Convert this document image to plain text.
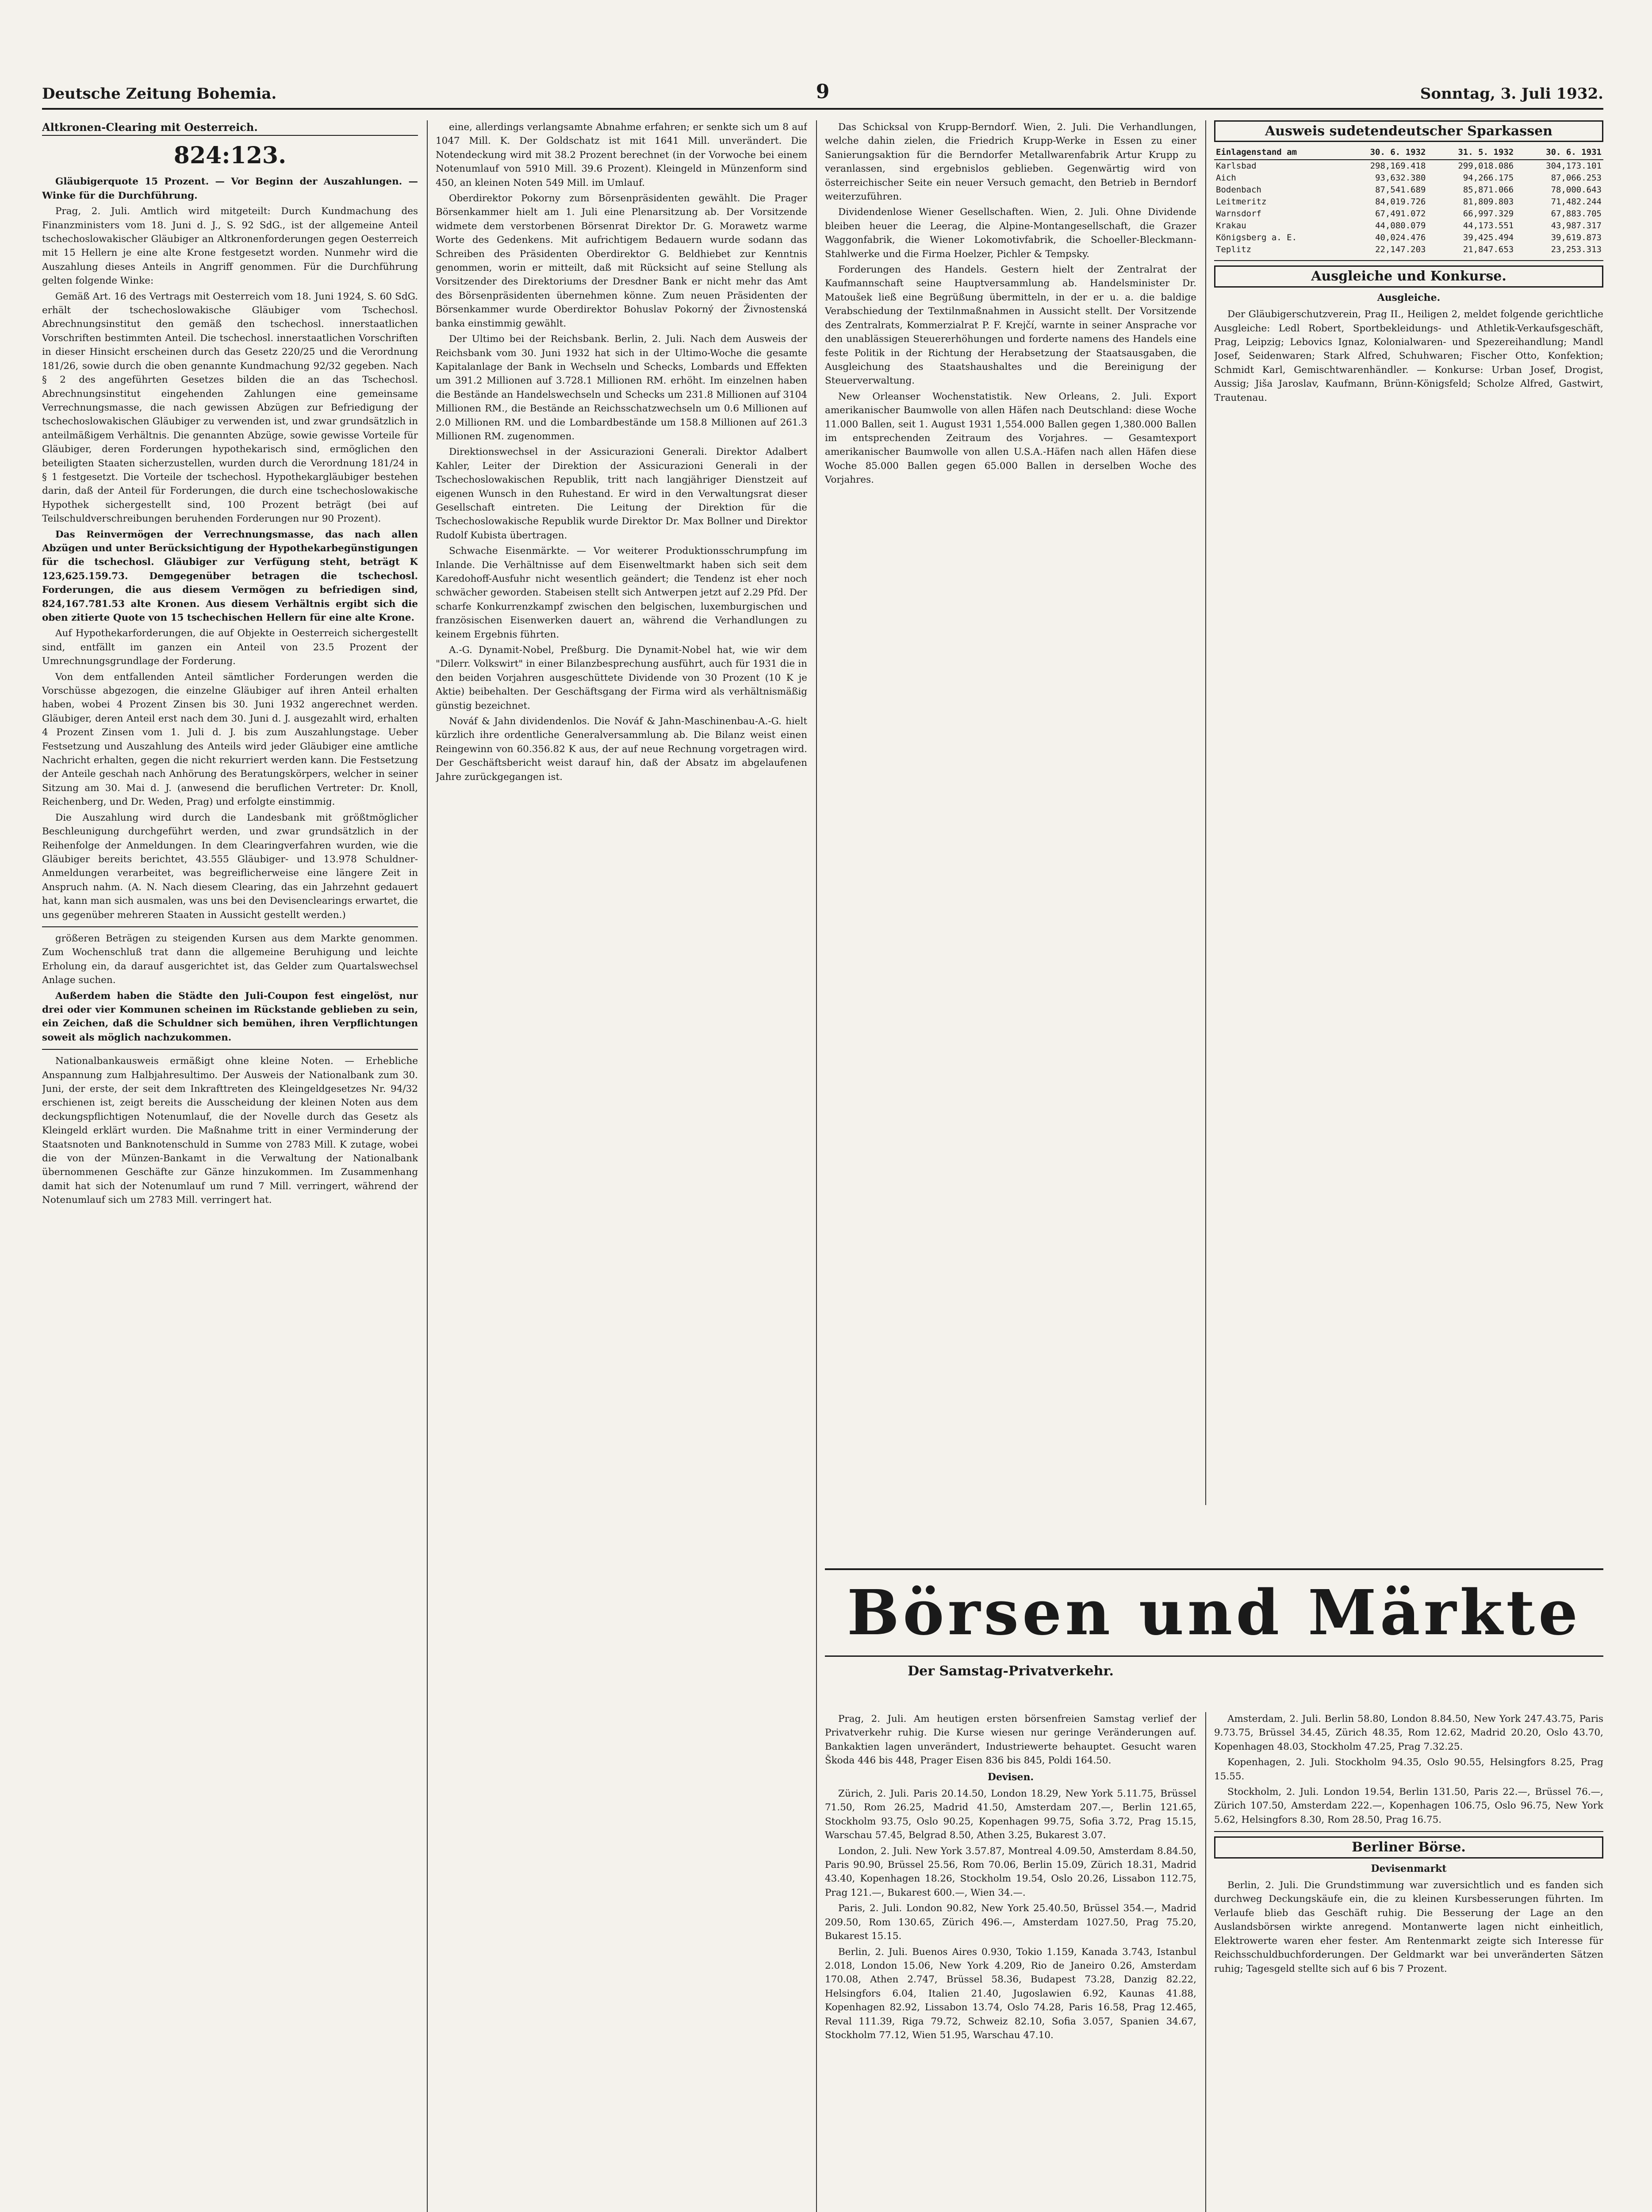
Deutsche Zeitung Bohemia.	9	Sonntag, 3. Juli 1932.
Altkronen-Clearing mit Oesterreich.
824:123.
Gläubigerquote 15 Prozent. — Vor Beginn der Auszahlungen. — Winke für die Durchführung.
Prag, 2. Juli. Amtlich wird mitgeteilt: Durch Kundmachung des Finanzministers vom 18. Juni d. J., S. 92 SdG., ist der allgemeine Anteil tschechoslowakischer Gläubiger an Altkronenforderungen gegen Oesterreich mit 15 Hellern je eine alte Krone festgesetzt worden. Nunmehr wird die Auszahlung dieses Anteils in Angriff genommen. Für die Durchführung gelten folgende Winke:
Gemäß Art. 16 des Vertrags mit Oesterreich vom 18. Juni 1924, S. 60 SdG. erhält der tschechoslowakische Gläubiger vom Tschechosl. Abrechnungsinstitut den gemäß den tschechosl. innerstaatlichen Vorschriften bestimmten Anteil. Die tschechosl. innerstaatlichen Vorschriften in dieser Hinsicht erscheinen durch das Gesetz 220/25 und die Verordnung 181/26, sowie durch die oben genannte Kundmachung 92/32 gegeben. Nach § 2 des angeführten Gesetzes bilden die an das Tschechosl. Abrechnungsinstitut eingehenden Zahlungen eine gemeinsame Verrechnungsmasse, die nach gewissen Abzügen zur Befriedigung der tschechoslowakischen Gläubiger zu verwenden ist, und zwar grundsätzlich in anteilmäßigem Verhältnis. Die genannten Abzüge, sowie gewisse Vorteile für Gläubiger, deren Forderungen hypothekarisch sind, ermöglichen den beteiligten Staaten sicherzustellen, wurden durch die Verordnung 181/24 in § 1 festgesetzt. Die Vorteile der tschechosl. Hypothekargläubiger bestehen darin, daß der Anteil für Forderungen, die durch eine tschechoslowakische Hypothek sichergestellt sind, 100 Prozent beträgt (bei auf Teilschuldverschreibungen beruhenden Forderungen nur 90 Prozent).
Das Reinvermögen der Verrechnungsmasse, das nach allen Abzügen und unter Berücksichtigung der Hypothekarbegünstigungen für die tschechosl. Gläubiger zur Verfügung steht, beträgt K 123,625.159.73. Demgegenüber betragen die tschechosl. Forderungen, die aus diesem Vermögen zu befriedigen sind, 824,167.781.53 alte Kronen. Aus diesem Verhältnis ergibt sich die oben zitierte Quote von 15 tschechischen Hellern für eine alte Krone.
Auf Hypothekarforderungen, die auf Objekte in Oesterreich sichergestellt sind, entfällt im ganzen ein Anteil von 23.5 Prozent der Umrechnungsgrundlage der Forderung.
Von dem entfallenden Anteil sämtlicher Forderungen werden die Vorschüsse abgezogen, die einzelne Gläubiger auf ihren Anteil erhalten haben, wobei 4 Prozent Zinsen bis 30. Juni 1932 angerechnet werden. Gläubiger, deren Anteil erst nach dem 30. Juni d. J. ausgezahlt wird, erhalten 4 Prozent Zinsen vom 1. Juli d. J. bis zum Auszahlungstage. Ueber Festsetzung und Auszahlung des Anteils wird jeder Gläubiger eine amtliche Nachricht erhalten, gegen die nicht rekurriert werden kann. Die Festsetzung der Anteile geschah nach Anhörung des Beratungskörpers, welcher in seiner Sitzung am 30. Mai d. J. (anwesend die beruflichen Vertreter: Dr. Knoll, Reichenberg, und Dr. Weden, Prag) und erfolgte einstimmig.
Die Auszahlung wird durch die Landesbank mit größtmöglicher Beschleunigung durchgeführt werden, und zwar grundsätzlich in der Reihenfolge der Anmeldungen. In dem Clearingverfahren wurden, wie die Gläubiger bereits berichtet, 43.555 Gläubiger- und 13.978 Schuldner-Anmeldungen verarbeitet, was begreiflicherweise eine längere Zeit in Anspruch nahm. (A. N. Nach diesem Clearing, das ein Jahrzehnt gedauert hat, kann man sich ausmalen, was uns bei den Devisenclearings erwartet, die uns gegenüber mehreren Staaten in Aussicht gestellt werden.)
größeren Beträgen zu steigenden Kursen aus dem Markte genommen. Zum Wochenschluß trat dann die allgemeine Beruhigung und leichte Erholung ein, da darauf ausgerichtet ist, das Gelder zum Quartalswechsel Anlage suchen.
Außerdem haben die Städte den Juli-Coupon fest eingelöst, nur drei oder vier Kommunen scheinen im Rückstande geblieben zu sein, ein Zeichen, daß die Schuldner sich bemühen, ihren Verpflichtungen soweit als möglich nachzukommen.
Nationalbankausweis ermäßigt ohne kleine Noten. — Erhebliche Anspannung zum Halbjahresultimo. Der Ausweis der Nationalbank zum 30. Juni, der erste, der seit dem Inkrafttreten des Kleingeldgesetzes Nr. 94/32 erschienen ist, zeigt bereits die Ausscheidung der kleinen Noten aus dem deckungspflichtigen Notenumlauf, die der Novelle durch das Gesetz als Kleingeld erklärt wurden. Die Maßnahme tritt in einer Verminderung der Staatsnoten und Banknotenschuld in Summe von 2783 Mill. K zutage, wobei die von der Münzen-Bankamt in die Verwaltung der Nationalbank übernommenen Geschäfte zur Gänze hinzukommen. Im Zusammenhang damit hat sich der Notenumlauf um rund 7 Mill. verringert, während der Notenumlauf sich um 2783 Mill. verringert hat.
eine, allerdings verlangsamte Abnahme erfahren; er senkte sich um 8 auf 1047 Mill. K. Der Goldschatz ist mit 1641 Mill. unverändert. Die Notendeckung wird mit 38.2 Prozent berechnet (in der Vorwoche bei einem Notenumlauf von 5910 Mill. 39.6 Prozent). Kleingeld in Münzenform sind 450, an kleinen Noten 549 Mill. im Umlauf.
Oberdirektor Pokorny zum Börsenpräsidenten gewählt. Die Prager Börsenkammer hielt am 1. Juli eine Plenarsitzung ab. Der Vorsitzende widmete dem verstorbenen Börsenrat Direktor Dr. G. Morawetz warme Worte des Gedenkens. Mit aufrichtigem Bedauern wurde sodann das Schreiben des Präsidenten Oberdirektor G. Beldhiebet zur Kenntnis genommen, worin er mitteilt, daß mit Rücksicht auf seine Stellung als Vorsitzender des Direktoriums der Dresdner Bank er nicht mehr das Amt des Börsenpräsidenten übernehmen könne. Zum neuen Präsidenten der Börsenkammer wurde Oberdirektor Bohuslav Pokorný der Živnostenská banka einstimmig gewählt.
Der Ultimo bei der Reichsbank. Berlin, 2. Juli. Nach dem Ausweis der Reichsbank vom 30. Juni 1932 hat sich in der Ultimo-Woche die gesamte Kapitalanlage der Bank in Wechseln und Schecks, Lombards und Effekten um 391.2 Millionen auf 3.728.1 Millionen RM. erhöht. Im einzelnen haben die Bestände an Handelswechseln und Schecks um 231.8 Millionen auf 3104 Millionen RM., die Bestände an Reichsschatzwechseln um 0.6 Millionen auf 2.0 Millionen RM. und die Lombardbestände um 158.8 Millionen auf 261.3 Millionen RM. zugenommen.
Direktionswechsel in der Assicurazioni Generali. Direktor Adalbert Kahler, Leiter der Direktion der Assicurazioni Generali in der Tschechoslowakischen Republik, tritt nach langjähriger Dienstzeit auf eigenen Wunsch in den Ruhestand. Er wird in den Verwaltungsrat dieser Gesellschaft eintreten. Die Leitung der Direktion für die Tschechoslowakische Republik wurde Direktor Dr. Max Bollner und Direktor Rudolf Kubista übertragen.
Schwache Eisenmärkte. — Vor weiterer Produktionsschrumpfung im Inlande. Die Verhältnisse auf dem Eisenweltmarkt haben sich seit dem Karedohoff-Ausfuhr nicht wesentlich geändert; die Tendenz ist eher noch schwächer geworden. Stabeisen stellt sich Antwerpen jetzt auf 2.29 Pfd. Der scharfe Konkurrenzkampf zwischen den belgischen, luxemburgischen und französischen Eisenwerken dauert an, während die Verhandlungen zu keinem Ergebnis führten.
A.-G. Dynamit-Nobel, Preßburg. Die Dynamit-Nobel hat, wie wir dem "Dilerr. Volkswirt" in einer Bilanzbesprechung ausführt, auch für 1931 die in den beiden Vorjahren ausgeschüttete Dividende von 30 Prozent (10 K je Aktie) beibehalten. Der Geschäftsgang der Firma wird als verhältnismäßig günstig bezeichnet.
Nováf & Jahn dividendenlos. Die Nováf & Jahn-Maschinenbau-A.-G. hielt kürzlich ihre ordentliche Generalversammlung ab. Die Bilanz weist einen Reingewinn von 60.356.82 K aus, der auf neue Rechnung vorgetragen wird. Der Geschäftsbericht weist darauf hin, daß der Absatz im abgelaufenen Jahre zurückgegangen ist.
Das Schicksal von Krupp-Berndorf. Wien, 2. Juli. Die Verhandlungen, welche dahin zielen, die Friedrich Krupp-Werke in Essen zu einer Sanierungsaktion für die Berndorfer Metallwarenfabrik Artur Krupp zu veranlassen, sind ergebnislos geblieben. Gegenwärtig wird von österreichischer Seite ein neuer Versuch gemacht, den Betrieb in Berndorf weiterzuführen.
Dividendenlose Wiener Gesellschaften. Wien, 2. Juli. Ohne Dividende bleiben heuer die Leerag, die Alpine-Montangesellschaft, die Grazer Waggonfabrik, die Wiener Lokomotivfabrik, die Schoeller-Bleckmann-Stahlwerke und die Firma Hoelzer, Pichler & Tempsky.
Forderungen des Handels. Gestern hielt der Zentralrat der Kaufmannschaft seine Hauptversammlung ab. Handelsminister Dr. Matoušek ließ eine Begrüßung übermitteln, in der er u. a. die baldige Verabschiedung der Textilnmaßnahmen in Aussicht stellt. Der Vorsitzende des Zentralrats, Kommerzialrat P. F. Krejčí, warnte in seiner Ansprache vor den unablässigen Steuererhöhungen und forderte namens des Handels eine feste Politik in der Richtung der Herabsetzung der Staatsausgaben, die Ausgleichung des Staatshaushaltes und die Bereinigung der Steuerverwaltung.
New Orleanser Wochenstatistik. New Orleans, 2. Juli. Export amerikanischer Baumwolle von allen Häfen nach Deutschland: diese Woche 11.000 Ballen, seit 1. August 1931 1,554.000 Ballen gegen 1,380.000 Ballen im entsprechenden Zeitraum des Vorjahres. — Gesamtexport amerikanischer Baumwolle von allen U.S.A.-Häfen nach allen Häfen diese Woche 85.000 Ballen gegen 65.000 Ballen in derselben Woche des Vorjahres.
Ausweis sudetendeutscher Sparkassen
Einlagenstand am	30. 6. 1932	31. 5. 1932	30. 6. 1931
Karlsbad	298,169.418	299,018.086	304,173.101
Aich	93,632.380	94,266.175	87,066.253
Bodenbach	87,541.689	85,871.066	78,000.643
Leitmeritz	84,019.726	81,809.803	71,482.244
Warnsdorf	67,491.072	66,997.329	67,883.705
Krakau	44,080.079	44,173.551	43,987.317
Königsberg a. E.	40,024.476	39,425.494	39,619.873
Teplitz	22,147.203	21,847.653	23,253.313
Ausgleiche und Konkurse.
Ausgleiche.
Der Gläubigerschutzverein, Prag II., Heiligen 2, meldet folgende gerichtliche Ausgleiche: Ledl Robert, Sportbekleidungs- und Athletik-Verkaufsgeschäft, Prag, Leipzig; Lebovics Ignaz, Kolonialwaren- und Spezereihandlung; Mandl Josef, Seidenwaren; Stark Alfred, Schuhwaren; Fischer Otto, Konfektion; Schmidt Karl, Gemischtwarenhändler. — Konkurse: Urban Josef, Drogist, Aussig; Jiša Jaroslav, Kaufmann, Brünn-Königsfeld; Scholze Alfred, Gastwirt, Trautenau.
Börsen und Märkte
Der Samstag-Privatverkehr.
Prag, 2. Juli. Am heutigen ersten börsenfreien Samstag verlief der Privatverkehr ruhig. Die Kurse wiesen nur geringe Veränderungen auf. Bankaktien lagen unverändert, Industriewerte behauptet. Gesucht waren Škoda 446 bis 448, Prager Eisen 836 bis 845, Poldi 164.50.
Devisen.
Zürich, 2. Juli. Paris 20.14.50, London 18.29, New York 5.11.75, Brüssel 71.50, Rom 26.25, Madrid 41.50, Amsterdam 207.—, Berlin 121.65, Stockholm 93.75, Oslo 90.25, Kopenhagen 99.75, Sofia 3.72, Prag 15.15, Warschau 57.45, Belgrad 8.50, Athen 3.25, Bukarest 3.07.
London, 2. Juli. New York 3.57.87, Montreal 4.09.50, Amsterdam 8.84.50, Paris 90.90, Brüssel 25.56, Rom 70.06, Berlin 15.09, Zürich 18.31, Madrid 43.40, Kopenhagen 18.26, Stockholm 19.54, Oslo 20.26, Lissabon 112.75, Prag 121.—, Bukarest 600.—, Wien 34.—.
Paris, 2. Juli. London 90.82, New York 25.40.50, Brüssel 354.—, Madrid 209.50, Rom 130.65, Zürich 496.—, Amsterdam 1027.50, Prag 75.20, Bukarest 15.15.
Berlin, 2. Juli. Buenos Aires 0.930, Tokio 1.159, Kanada 3.743, Istanbul 2.018, London 15.06, New York 4.209, Rio de Janeiro 0.26, Amsterdam 170.08, Athen 2.747, Brüssel 58.36, Budapest 73.28, Danzig 82.22, Helsingfors 6.04, Italien 21.40, Jugoslawien 6.92, Kaunas 41.88, Kopenhagen 82.92, Lissabon 13.74, Oslo 74.28, Paris 16.58, Prag 12.465, Reval 111.39, Riga 79.72, Schweiz 82.10, Sofia 3.057, Spanien 34.67, Stockholm 77.12, Wien 51.95, Warschau 47.10.
Amsterdam, 2. Juli. Berlin 58.80, London 8.84.50, New York 247.43.75, Paris 9.73.75, Brüssel 34.45, Zürich 48.35, Rom 12.62, Madrid 20.20, Oslo 43.70, Kopenhagen 48.03, Stockholm 47.25, Prag 7.32.25.
Kopenhagen, 2. Juli. Stockholm 94.35, Oslo 90.55, Helsingfors 8.25, Prag 15.55.
Stockholm, 2. Juli. London 19.54, Berlin 131.50, Paris 22.—, Brüssel 76.—, Zürich 107.50, Amsterdam 222.—, Kopenhagen 106.75, Oslo 96.75, New York 5.62, Helsingfors 8.30, Rom 28.50, Prag 16.75.
Berliner Börse.
Devisenmarkt
Berlin, 2. Juli. Die Grundstimmung war zuversichtlich und es fanden sich durchweg Deckungskäufe ein, die zu kleinen Kursbesserungen führten. Im Verlaufe blieb das Geschäft ruhig. Die Besserung der Lage an den Auslandsbörsen wirkte anregend. Montanwerte lagen nicht einheitlich, Elektrowerte waren eher fester. Am Rentenmarkt zeigte sich Interesse für Reichsschuldbuchforderungen. Der Geldmarkt war bei unveränderten Sätzen ruhig; Tagesgeld stellte sich auf 6 bis 7 Prozent.
